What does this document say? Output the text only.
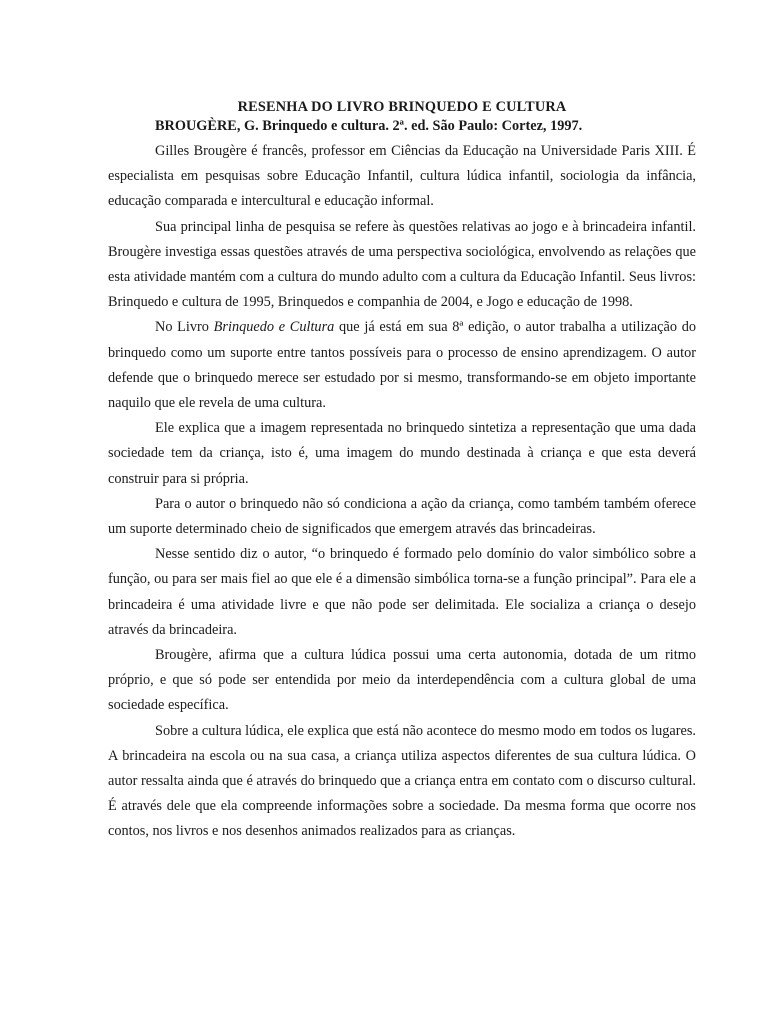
RESENHA DO LIVRO BRINQUEDO E CULTURA

BROUGÈRE, G. Brinquedo e cultura. 2ª. ed. São Paulo: Cortez, 1997.

Gilles Brougère é francês, professor em Ciências da Educação na Universidade Paris XIII. É especialista em pesquisas sobre Educação Infantil, cultura lúdica infantil, sociologia da infância, educação comparada e intercultural e educação informal.

Sua principal linha de pesquisa se refere às questões relativas ao jogo e à brincadeira infantil. Brougère investiga essas questões através de uma perspectiva sociológica, envolvendo as relações que esta atividade mantém com a cultura do mundo adulto com a cultura da Educação Infantil. Seus livros: Brinquedo e cultura de 1995, Brinquedos e companhia de 2004, e Jogo e educação de 1998.

No Livro Brinquedo e Cultura que já está em sua 8ª edição, o autor trabalha a utilização do brinquedo como um suporte entre tantos possíveis para o processo de ensino aprendizagem. O autor defende que o brinquedo merece ser estudado por si mesmo, transformando-se em objeto importante naquilo que ele revela de uma cultura.

Ele explica que a imagem representada no brinquedo sintetiza a representação que uma dada sociedade tem da criança, isto é, uma imagem do mundo destinada à criança e que esta deverá construir para si própria.

Para o autor o brinquedo não só condiciona a ação da criança, como também também oferece um suporte determinado cheio de significados que emergem através das brincadeiras.

Nesse sentido diz o autor, “o brinquedo é formado pelo domínio do valor simbólico sobre a função, ou para ser mais fiel ao que ele é a dimensão simbólica torna-se a função principal”. Para ele a brincadeira é uma atividade livre e que não pode ser delimitada. Ele socializa a criança o desejo através da brincadeira.

Brougère, afirma que a cultura lúdica possui uma certa autonomia, dotada de um ritmo próprio, e que só pode ser entendida por meio da interdependência com a cultura global de uma sociedade específica.

Sobre a cultura lúdica, ele explica que está não acontece do mesmo modo em todos os lugares. A brincadeira na escola ou na sua casa, a criança utiliza aspectos diferentes de sua cultura lúdica. O autor ressalta ainda que é através do brinquedo que a criança entra em contato com o discurso cultural. É através dele que ela compreende informações sobre a sociedade. Da mesma forma que ocorre nos contos, nos livros e nos desenhos animados realizados para as crianças.
